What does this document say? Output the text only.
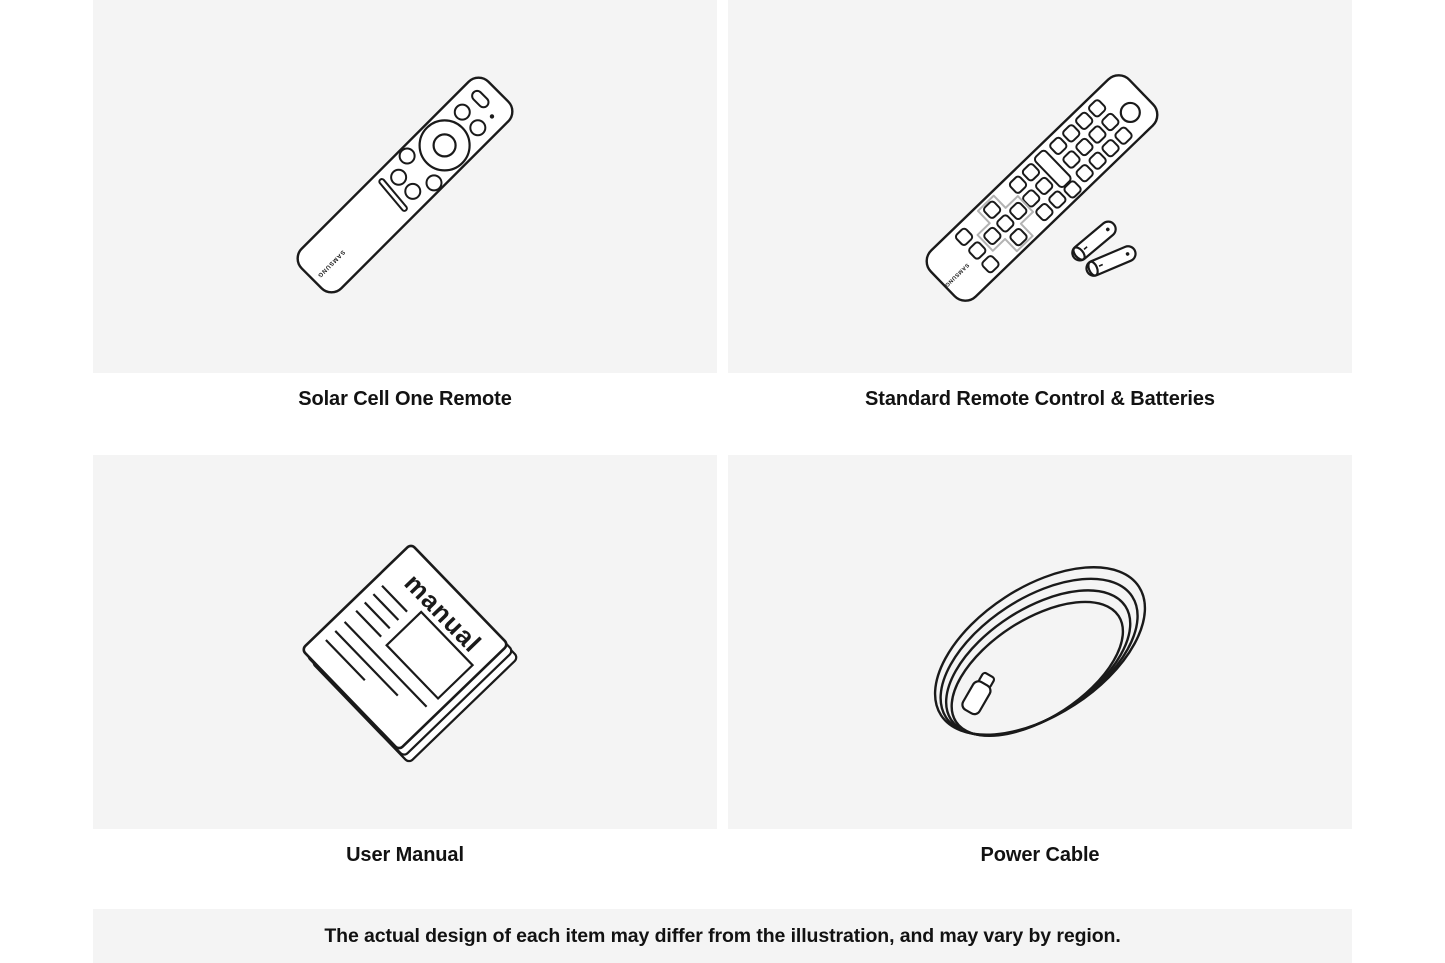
SAMSUNG	SAMSUNG
manual
Solar Cell One Remote	Standard Remote Control & Batteries
User Manual	Power Cable
The actual design of each item may differ from the illustration, and may vary by region.
